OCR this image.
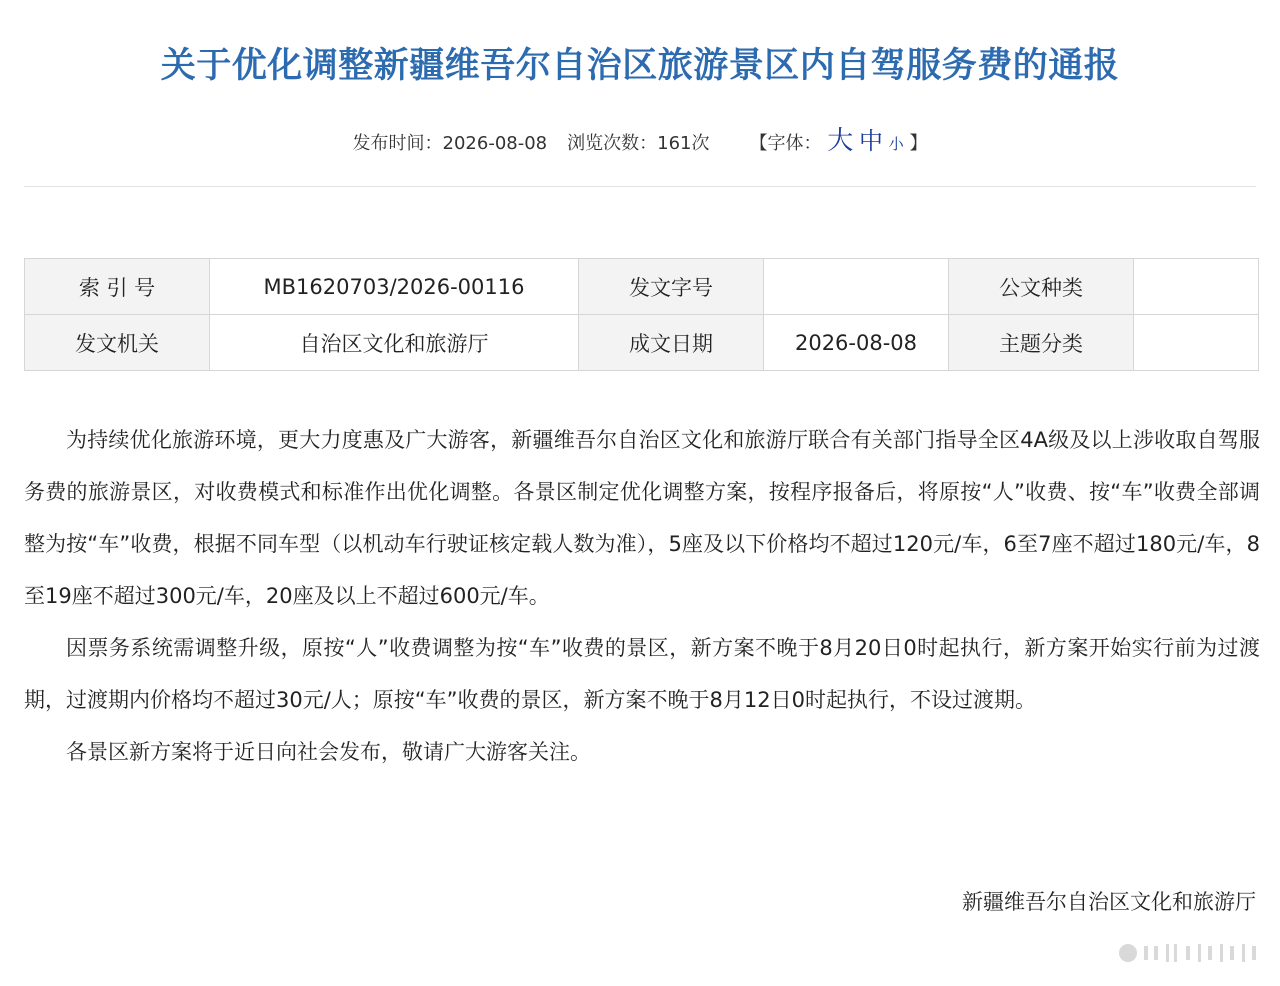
关于优化调整新疆维吾尔自治区旅游景区内自驾服务费的通报
发布时间：2026-08-08 浏览次数：161次 【字体： 大 中 小 】
索 引 号	MB1620703/2026-00116	发文字号		公文种类	
发文机关	自治区文化和旅游厅	成文日期	2026-08-08	主题分类	

为持续优化旅游环境，更大力度惠及广大游客，新疆维吾尔自治区文化和旅游厅联合有关部门指导全区4A级及以上涉收取自驾服务费的旅游景区，对收费模式和标准作出优化调整。各景区制定优化调整方案，按程序报备后，将原按“人”收费、按“车”收费全部调整为按“车”收费，根据不同车型（以机动车行驶证核定载人数为准），5座及以下价格均不超过120元/车，6至7座不超过180元/车，8至19座不超过300元/车，20座及以上不超过600元/车。

因票务系统需调整升级，原按“人”收费调整为按“车”收费的景区，新方案不晚于8月20日0时起执行，新方案开始实行前为过渡期，过渡期内价格均不超过30元/人；原按“车”收费的景区，新方案不晚于8月12日0时起执行，不设过渡期。

各景区新方案将于近日向社会发布，敬请广大游客关注。

新疆维吾尔自治区文化和旅游厅
